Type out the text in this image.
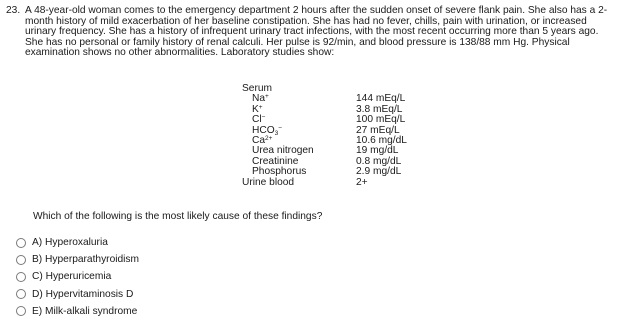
23. A 48-year-old woman comes to the emergency department 2 hours after the sudden onset of severe flank pain. She also has a 2-month history of mild exacerbation of her baseline constipation. She has had no fever, chills, pain with urination, or increased urinary frequency. She has a history of infrequent urinary tract infections, with the most recent occurring more than 5 years ago. She has no personal or family history of renal calculi. Her pulse is 92/min, and blood pressure is 138/88 mm Hg. Physical examination shows no other abnormalities. Laboratory studies show:
Serum
Na+	144 mEq/L
K+	3.8 mEq/L
Cl−	100 mEq/L
HCO3−	27 mEq/L
$Ca^{2+}$	10.6 mg/dL
Urea nitrogen	19 mg/dL
Creatinine	0.8 mg/dL
Phosphorus	2.9 mg/dL
Urine blood	2+
Which of the following is the most likely cause of these findings?
A)
Hyperoxaluria
B)
Hyperparathyroidism
C)
Hyperuricemia
D)
Hypervitaminosis D
E)
Milk-alkali syndrome
